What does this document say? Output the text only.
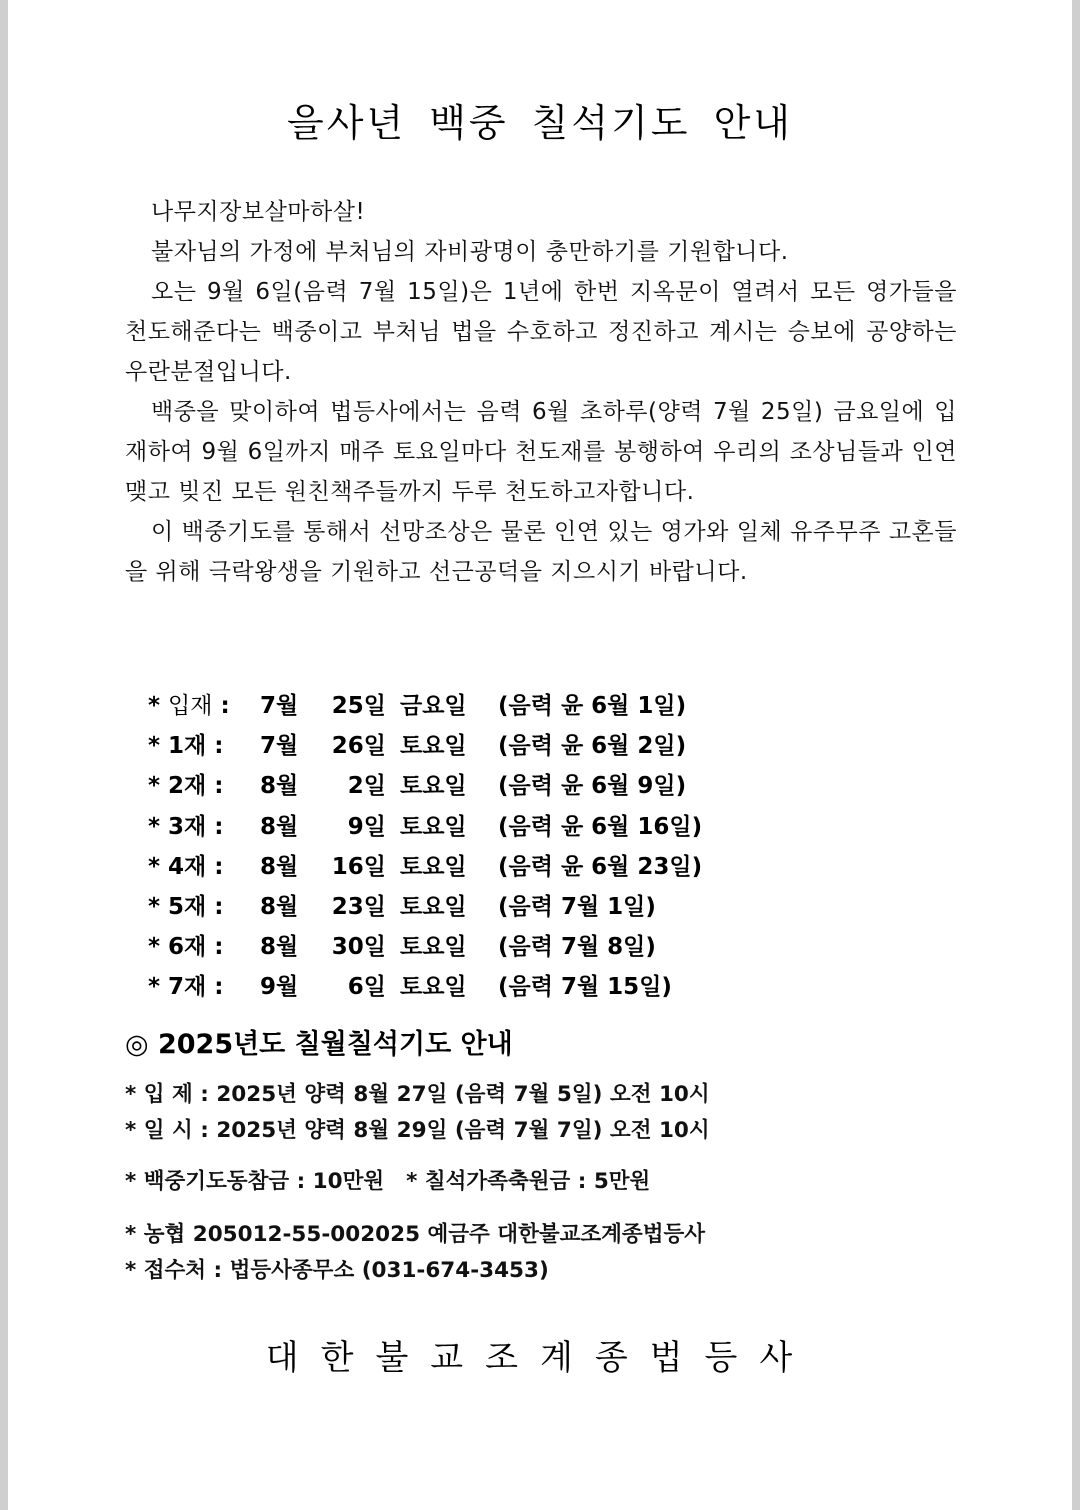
을사년 백중 칠석기도 안내

나무지장보살마하살!

불자님의 가정에 부처님의 자비광명이 충만하기를 기원합니다.

오는 9월 6일(음력 7월 15일)은 1년에 한번 지옥문이 열려서 모든 영가들을 천도해준다는 백중이고 부처님 법을 수호하고 정진하고 계시는 승보에 공양하는 우란분절입니다.

백중을 맞이하여 법등사에서는 음력 6월 초하루(양력 7월 25일) 금요일에 입재하여 9월 6일까지 매주 토요일마다 천도재를 봉행하여 우리의 조상님들과 인연 맺고 빚진 모든 원친책주들까지 두루 천도하고자합니다.

이 백중기도를 통해서 선망조상은 물론 인연 있는 영가와 일체 유주무주 고혼들을 위해 극락왕생을 기원하고 선근공덕을 지으시기 바랍니다.

* 입재 :	7월	25일 금요일	(음력 윤 6월 1일)
* 1재 :	7월	26일 토요일	(음력 윤 6월 2일)
* 2재 :	8월	2일 토요일	(음력 윤 6월 9일)
* 3재 :	8월	9일 토요일	(음력 윤 6월 16일)
* 4재 :	8월	16일 토요일	(음력 윤 6월 23일)
* 5재 :	8월	23일 토요일	(음력 7월 1일)
* 6재 :	8월	30일 토요일	(음력 7월 8일)
* 7재 :	9월	6일 토요일	(음력 7월 15일)
◎ 2025년도 칠월칠석기도 안내

* 입 제 : 2025년 양력 8월 27일 (음력 7월 5일) 오전 10시

* 일 시 : 2025년 양력 8월 29일 (음력 7월 7일) 오전 10시

* 백중기도동참금 : 10만원 * 칠석가족축원금 : 5만원

* 농협 205012-55-002025 예금주 대한불교조계종법등사

* 접수처 : 법등사종무소 (031-674-3453)

대한불교조계종법등사
